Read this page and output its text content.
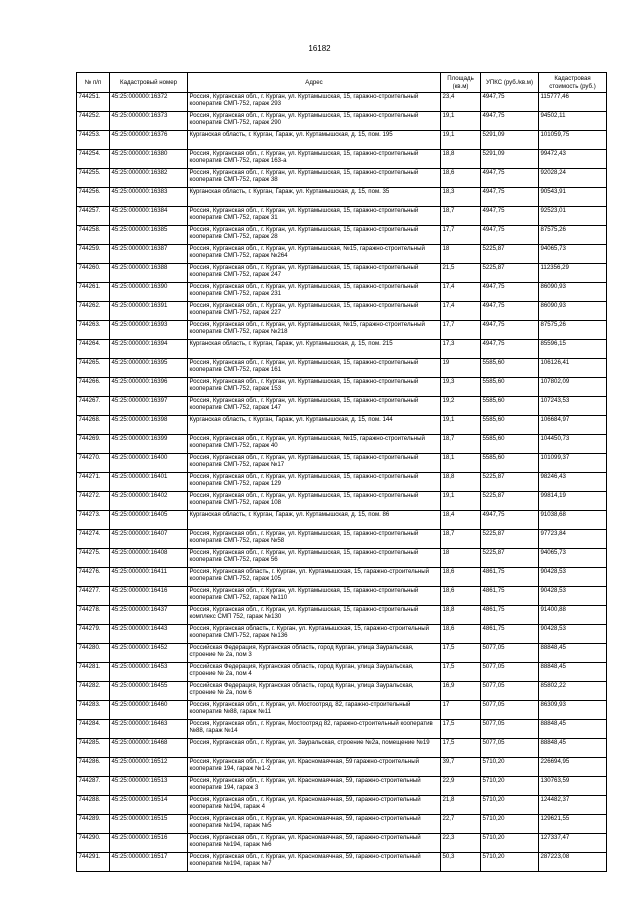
16182
№ п/п	Кадастровый номер	Адрес	Площадь (кв.м)	УПКС (руб./кв.м)	Кадастровая стоимость (руб.)
744251.	45:25:000000:16372	Россия, Курганская обл., г. Курган, ул. Куртамышская, 15, гаражно-строительный кооператив СМП-752, гараж 293	23,4	4947,75	115777,46
744252.	45:25:000000:16373	Россия, Курганская обл., г. Курган, ул. Куртамышская, 15, гаражно-строительный кооператив СМП-752, гараж 290	19,1	4947,75	94502,11
744253.	45:25:000000:16376	Курганская область, г. Курган, Гараж, ул. Куртамышская, д. 15, пом. 195	19,1	5291,09	101059,75
744254.	45:25:000000:16380	Россия, Курганская обл., г. Курган, ул. Куртамышская, 15, гаражно-строительный кооператив СМП-752, гараж 163-а	18,8	5291,09	99472,43
744255.	45:25:000000:16382	Россия, Курганская обл., г. Курган, ул. Куртамышская, 15, гаражно-строительный кооператив СМП-752, гараж 38	18,6	4947,75	92028,24
744256.	45:25:000000:16383	Курганская область, г. Курган, Гараж, ул. Куртамышская, д. 15, пом. 35	18,3	4947,75	90543,91
744257.	45:25:000000:16384	Россия, Курганская обл., г. Курган, ул. Куртамышская, 15, гаражно-строительный кооператив СМП-752, гараж 31	18,7	4947,75	92523,01
744258.	45:25:000000:16385	Россия, Курганская обл., г. Курган, ул. Куртамышская, 15, гаражно-строительный кооператив СМП-752, гараж 28	17,7	4947,75	87575,26
744259.	45:25:000000:16387	Россия, Курганская обл., г. Курган, ул. Куртамышская, №15, гаражно-строительный кооператив СМП-752, гараж №264	18	5225,87	94065,73
744260.	45:25:000000:16388	Россия, Курганская обл., г. Курган, ул. Куртамышская, 15, гаражно-строительный кооператив СМП-752, гараж 247	21,5	5225,87	112356,29
744261.	45:25:000000:16390	Россия, Курганская обл., г. Курган, ул. Куртамышская, 15, гаражно-строительный кооператив СМП-752, гараж 231	17,4	4947,75	86090,93
744262.	45:25:000000:16391	Россия, Курганская обл., г. Курган, ул. Куртамышская, 15, гаражно-строительный кооператив СМП-752, гараж 227	17,4	4947,75	86090,93
744263.	45:25:000000:16393	Россия, Курганская обл., г. Курган, ул. Куртамышская, №15, гаражно-строительный кооператив СМП-752, гараж №218	17,7	4947,75	87575,26
744264.	45:25:000000:16394	Курганская область, г. Курган, Гараж, ул. Куртамышская, д. 15, пом. 215	17,3	4947,75	85596,15
744265.	45:25:000000:16395	Россия, Курганская обл., г. Курган, ул. Куртамышская, 15, гаражно-строительный кооператив СМП-752, гараж 161	19	5585,60	106126,41
744266.	45:25:000000:16396	Россия, Курганская обл., г. Курган, ул. Куртамышская, 15, гаражно-строительный кооператив СМП-752, гараж 153	19,3	5585,60	107802,09
744267.	45:25:000000:16397	Россия, Курганская обл., г. Курган, ул. Куртамышская, 15, гаражно-строительный кооператив СМП-752, гараж 147	19,2	5585,60	107243,53
744268.	45:25:000000:16398	Курганская область, г. Курган, Гараж, ул. Куртамышская, д. 15, пом. 144	19,1	5585,60	106684,97
744269.	45:25:000000:16399	Россия, Курганская обл., г. Курган, ул. Куртамышская, №15, гаражно-строительный кооператив СМП-752, гараж 40	18,7	5585,60	104450,73
744270.	45:25:000000:16400	Россия, Курганская обл., г. Курган, ул. Куртамышская, 15, гаражно-строительный кооператив СМП-752, гараж №17	18,1	5585,60	101099,37
744271.	45:25:000000:16401	Россия, Курганская обл., г. Курган, ул. Куртамышская, 15, гаражно-строительный кооператив СМП-752, гараж 129	18,8	5225,87	98246,43
744272.	45:25:000000:16402	Россия, Курганская обл., г. Курган, ул. Куртамышская, 15, гаражно-строительный кооператив СМП-752, гараж 108	19,1	5225,87	99814,19
744273.	45:25:000000:16405	Курганская область, г. Курган, Гараж, ул. Куртамышская, д. 15, пом. 86	18,4	4947,75	91038,68
744274.	45:25:000000:16407	Россия, Курганская обл., г. Курган, ул. Куртамышская, 15, гаражно-строительный кооператив СМП-752, гараж №58	18,7	5225,87	97723,84
744275.	45:25:000000:16408	Россия, Курганская обл., г. Курган, ул. Куртамышская, 15, гаражно-строительный кооператив СМП-752, гараж 56	18	5225,87	94065,73
744276.	45:25:000000:16411	Россия, Курганская область, г. Курган, ул. Куртамышская, 15, гаражно-строительный кооператив СМП-752, гараж 105	18,6	4861,75	90428,53
744277.	45:25:000000:16416	Россия, Курганская обл., г. Курган, ул. Куртамышская, 15, гаражно-строительный кооператив СМП-752, гараж №110	18,6	4861,75	90428,53
744278.	45:25:000000:16437	Россия, Курганская обл., г. Курган, ул. Куртамышская, 15, гаражно-строительный комплекс СМП 752, гараж №130	18,8	4861,75	91400,88
744279.	45:25:000000:16443	Россия, Курганская область, г. Курган, ул. Куртамышская, 15, гаражно-строительный кооператив СМП-752, гараж №136	18,6	4861,75	90428,53
744280.	45:25:000000:16452	Российская Федерация, Курганская область, город Курган, улица Зауральская, строение № 2а, пом 3	17,5	5077,05	88848,45
744281.	45:25:000000:16453	Российская Федерация, Курганская область, город Курган, улица Зауральская, строение № 2а, пом 4	17,5	5077,05	88848,45
744282.	45:25:000000:16455	Российская Федерация, Курганская область, город Курган, улица Зауральская, строение № 2а, пом 6	16,9	5077,05	85802,22
744283.	45:25:000000:16460	Россия, Курганская обл., г. Курган, ул. Мостоотряд, 82, гаражно-строительный кооператив №88, гараж №11	17	5077,05	86309,93
744284.	45:25:000000:16463	Россия, Курганская обл., г. Курган, Мостоотряд 82, гаражно-строительный кооператив №88, гараж №14	17,5	5077,05	88848,45
744285.	45:25:000000:16468	Россия, Курганская обл., г. Курган, ул. Зауральская, строение №2а, помещение №19	17,5	5077,05	88848,45
744286.	45:25:000000:16512	Россия, Курганская обл., г. Курган, ул. Красномаячная, 59 гаражно-строительный кооператив 194, гараж №1-2	39,7	5710,20	226694,95
744287.	45:25:000000:16513	Россия, Курганская обл., г. Курган, ул. Красномаячная, 59, гаражно-строительный кооператив 194, гараж 3	22,9	5710,20	130763,59
744288.	45:25:000000:16514	Россия, Курганская обл., г. Курган, ул. Красномаячная, 59, гаражно-строительный кооператив №194, гараж 4	21,8	5710,20	124482,37
744289.	45:25:000000:16515	Россия, Курганская обл., г. Курган, ул. Красномаячная, 59, гаражно-строительный кооператив №194, гараж №5	22,7	5710,20	129621,55
744290.	45:25:000000:16516	Россия, Курганская обл., г. Курган, ул. Красномаячная, 59, гаражно-строительный кооператив №194, гараж №6	22,3	5710,20	127337,47
744291.	45:25:000000:16517	Россия, Курганская обл., г. Курган, ул. Красномаячная, 59, гаражно-строительный кооператив №194, гараж №7	50,3	5710,20	287223,08
